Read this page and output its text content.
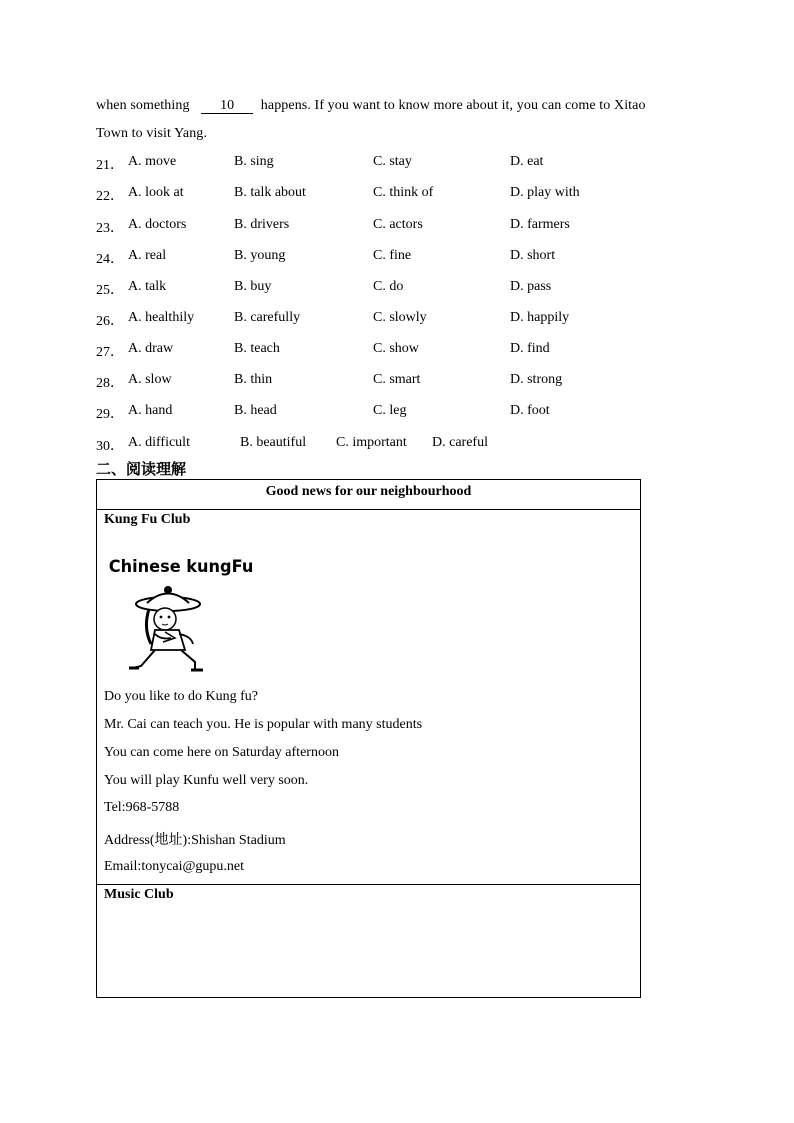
when something 10 happens. If you want to know more about it, you can come to Xitao
Town to visit Yang.
21． A. move	B. sing	C. stay	D. eat
22． A. look at	B. talk about	C. think of	D. play with
23． A. doctors	B. drivers	C. actors	D. farmers
24． A. real	B. young	C. fine	D. short
25． A. talk	B. buy	C. do	D. pass
26． A. healthily	B. carefully	C. slowly	D. happily
27． A. draw	B. teach	C. show	D. find
28． A. slow	B. thin	C. smart	D. strong
29． A. hand	B. head	C. leg	D. foot
30． A. difficult	B. beautiful C. important D. careful
二、阅读理解
Good news for our neighbourhood
Kung Fu Club
Chinese kungFu
Do you like to do Kung fu?
Mr. Cai can teach you. He is popular with many students
You can come here on Saturday afternoon
You will play Kunfu well very soon.
Tel:968-5788
Address(地址):Shishan Stadium
Email:tonycai@gupu.net
Music Club
